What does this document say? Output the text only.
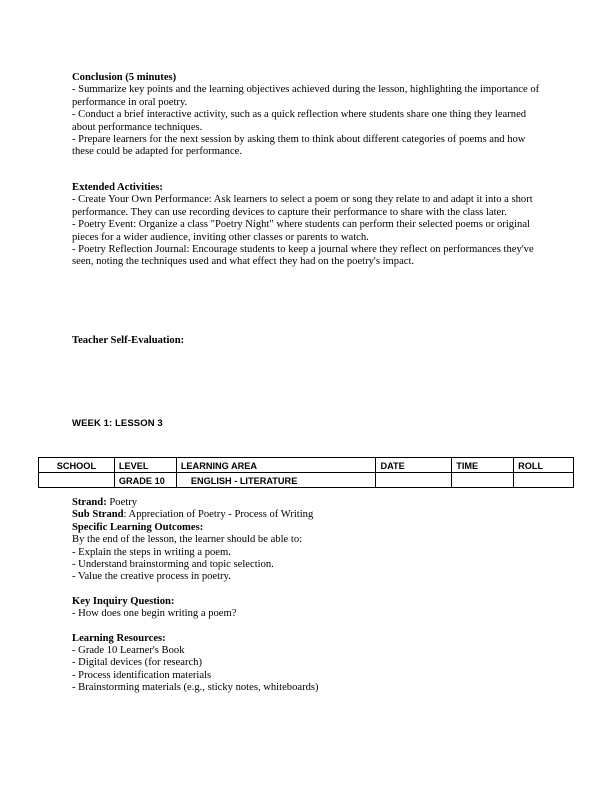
Conclusion (5 minutes)
- Summarize key points and the learning objectives achieved during the lesson, highlighting the importance of performance in oral poetry.
- Conduct a brief interactive activity, such as a quick reflection where students share one thing they learned about performance techniques.
- Prepare learners for the next session by asking them to think about different categories of poems and how these could be adapted for performance.
Extended Activities:
- Create Your Own Performance: Ask learners to select a poem or song they relate to and adapt it into a short performance. They can use recording devices to capture their performance to share with the class later.
- Poetry Event: Organize a class "Poetry Night" where students can perform their selected poems or original pieces for a wider audience, inviting other classes or parents to watch.
- Poetry Reflection Journal: Encourage students to keep a journal where they reflect on performances they've seen, noting the techniques used and what effect they had on the poetry's impact.
Teacher Self-Evaluation:
WEEK 1: LESSON 3
SCHOOL	LEVEL	LEARNING AREA	DATE	TIME	ROLL
	GRADE 10	ENGLISH - LITERATURE			
Strand: Poetry
Sub Strand: Appreciation of Poetry - Process of Writing
Specific Learning Outcomes:
By the end of the lesson, the learner should be able to:
- Explain the steps in writing a poem.
- Understand brainstorming and topic selection.
- Value the creative process in poetry.
Key Inquiry Question:
- How does one begin writing a poem?
Learning Resources:
- Grade 10 Learner's Book
- Digital devices (for research)
- Process identification materials
- Brainstorming materials (e.g., sticky notes, whiteboards)
